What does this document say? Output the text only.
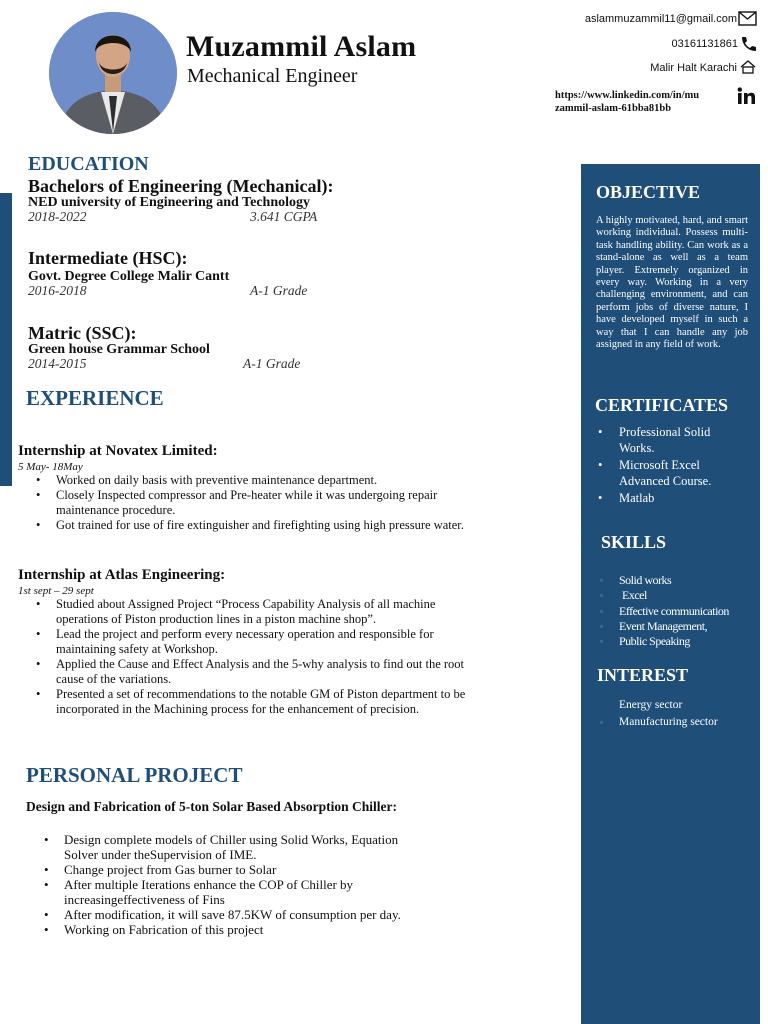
Muzammil Aslam
Mechanical Engineer
aslammuzammil11@gmail.com
03161131861
Malir Halt Karachi
https://www.linkedin.com/in/mu
zammil-aslam-61bba81bb
EDUCATION
Bachelors of Engineering (Mechanical):
NED university of Engineering and Technology
2018-2022	3.641 CGPA
Intermediate (HSC):
Govt. Degree College Malir Cantt
2016-2018	A-1 Grade
Matric (SSC):
Green house Grammar School
2014-2015	A-1 Grade
EXPERIENCE
Internship at Novatex Limited:
5 May- 18May
• Worked on daily basis with preventive maintenance department.
• Closely Inspected compressor and Pre-heater while it was undergoing repair maintenance procedure.
• Got trained for use of fire extinguisher and firefighting using high pressure water.
Internship at Atlas Engineering:
1st sept – 29 sept
• Studied about Assigned Project “Process Capability Analysis of all machine operations of Piston production lines in a piston machine shop”.
• Lead the project and perform every necessary operation and responsible for maintaining safety at Workshop.
• Applied the Cause and Effect Analysis and the 5-why analysis to find out the root cause of the variations.
• Presented a set of recommendations to the notable GM of Piston department to be incorporated in the Machining process for the enhancement of precision.
PERSONAL PROJECT
Design and Fabrication of 5-ton Solar Based Absorption Chiller:
• Design complete models of Chiller using Solid Works, Equation Solver under theSupervision of IME.
• Change project from Gas burner to Solar
• After multiple Iterations enhance the COP of Chiller by increasingeffectiveness of Fins
• After modification, it will save 87.5KW of consumption per day.
• Working on Fabrication of this project
OBJECTIVE
A highly motivated, hard, and smart working individual. Possess multi-task handling ability. Can work as a stand-alone as well as a team player. Extremely organized in every way. Working in a very challenging environment, and can perform jobs of diverse nature, I have developed myself in such a way that I can handle any job assigned in any field of work.
CERTIFICATES
• Professional Solid Works.
• Microsoft Excel Advanced Course.
• Matlab
SKILLS
▫ Solid works
▫ Excel
▫ Effective communication
▫ Event Management,
▫ Public Speaking
INTEREST
Energy sector
▫ Manufacturing sector
